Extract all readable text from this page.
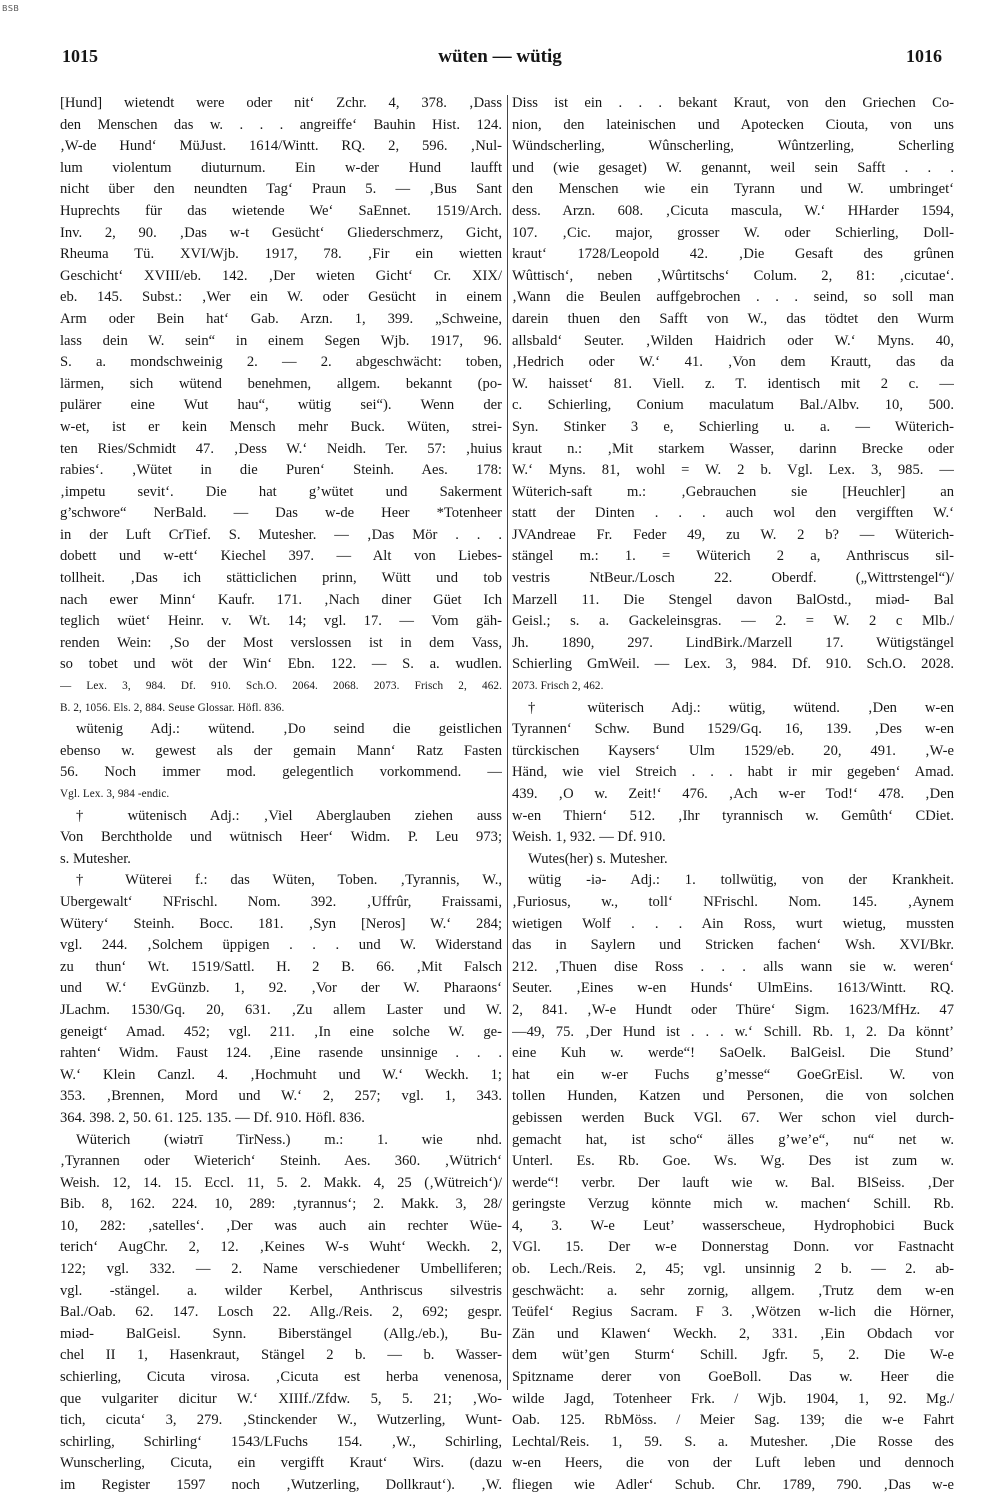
BSB
1015	wüten — wütig	1016
[Hund] wietendt were oder nit‘ Zchr. 4, 378. ‚Dass
den Menschen das w. . . . angreiffe‘ Bauhin Hist. 124.
‚W-de Hund‘ MüJust. 1614/Wintt. RQ. 2, 596. ‚Nul-
lum violentum diuturnum. Ein w-der Hund laufft
nicht über den neundten Tag‘ Praun 5. — ‚Bus Sant
Huprechts für das wietende We‘ SaEnnet. 1519/Arch.
Inv. 2, 90. ‚Das w-t Gesücht‘ Gliederschmerz, Gicht,
Rheuma Tü. XVI/Wjb. 1917, 78. ‚Fir ein wietten
Geschicht‘ XVIII/eb. 142. ‚Der wieten Gicht‘ Cr. XIX/
eb. 145. Subst.: ‚Wer ein W. oder Gesücht in einem
Arm oder Bein hat‘ Gab. Arzn. 1, 399. „Schweine,
lass dein W. sein“ in einem Segen Wjb. 1917, 96.
S. a. mondschweinig 2. — 2. abgeschwächt: toben,
lärmen, sich wütend benehmen, allgem. bekannt (po-
pulärer eine Wut hau“, wütig sei“). Wenn der
w-et, ist er kein Mensch mehr Buck. Wüten, strei-
ten Ries/Schmidt 47. ‚Dess W.‘ Neidh. Ter. 57: ‚huius
rabies‘. ‚Wütet in die Puren‘ Steinh. Aes. 178:
‚impetu sevit‘. Die hat g’wütet und Sakerment
g’schwore“ NerBald. — Das w-de Heer *Totenheer
in der Luft CrTief. S. Mutesher. — ‚Das Mör . . .
dobett und w-ett‘ Kiechel 397. — Alt von Liebes-
tollheit. ‚Das ich stätticlichen prinn, Wütt und tob
nach ewer Minn‘ Kaufr. 171. ‚Nach diner Güet Ich
teglich wüet‘ Heinr. v. Wt. 14; vgl. 17. — Vom gäh-
renden Wein: ‚So der Most verslossen ist in dem Vass,
so tobet und wöt der Win‘ Ebn. 122. — S. a. wudlen.
— Lex. 3, 984. Df. 910. Sch.O. 2064. 2068. 2073. Frisch 2, 462.
B. 2, 1056. Els. 2, 884. Seuse Glossar. Höfl. 836.
wütenig Adj.: wütend. ‚Do seind die geistlichen
ebenso w. gewest als der gemain Mann‘ Ratz Fasten
56. Noch immer mod. gelegentlich vorkommend. —
Vgl. Lex. 3, 984 -endic.
† wütenisch Adj.: ‚Viel Aberglauben ziehen auss
Von Berchtholde und wütnisch Heer‘ Widm. P. Leu 973;
s. Mutesher.
† Wüterei f.: das Wüten, Toben. ‚Tyrannis, W.,
Ubergewalt‘ NFrischl. Nom. 392. ‚Uffrûr, Fraissami,
Wütery‘ Steinh. Bocc. 181. ‚Syn [Neros] W.‘ 284;
vgl. 244. ‚Solchem üppigen . . . und W. Widerstand
zu thun‘ Wt. 1519/Sattl. H. 2 B. 66. ‚Mit Falsch
und W.‘ EvGünzb. 1, 92. ‚Vor der W. Pharaons‘
JLachm. 1530/Gq. 20, 631. ‚Zu allem Laster und W.
geneigt‘ Amad. 452; vgl. 211. ‚In eine solche W. ge-
rahten‘ Widm. Faust 124. ‚Eine rasende unsinnige . . .
W.‘ Klein Canzl. 4. ‚Hochmuht und W.‘ Weckh. 1;
353. ‚Brennen, Mord und W.‘ 2, 257; vgl. 1, 343.
364. 398. 2, 50. 61. 125. 135. — Df. 910. Höfl. 836.
Wüterich (wiətrī TirNess.) m.: 1. wie nhd.
‚Tyrannen oder Wieterich‘ Steinh. Aes. 360. ‚Wütrich‘
Weish. 12, 14. 15. Eccl. 11, 5. 2. Makk. 4, 25 (‚Wütreich‘)/
Bib. 8, 162. 224. 10, 289: ‚tyrannus‘; 2. Makk. 3, 28/
10, 282: ‚satelles‘. ‚Der was auch ain rechter Wüe-
terich‘ AugChr. 2, 12. ‚Keines W-s Wuht‘ Weckh. 2,
122; vgl. 332. — 2. Name verschiedener Umbelliferen;
vgl. -stängel. a. wilder Kerbel, Anthriscus silvestris
Bal./Oab. 62. 147. Losch 22. Allg./Reis. 2, 692; gespr.
miəd- BalGeisl. Synn. Biberstängel (Allg./eb.), Bu-
chel II 1, Hasenkraut, Stängel 2 b. — b. Wasser-
schierling, Cicuta virosa. ‚Cicuta est herba venenosa,
que vulgariter dicitur W.‘ XIIIf./Zfdw. 5, 5. 21; ‚Wo-
tich, cicuta‘ 3, 279. ‚Stinckender W., Wutzerling, Wunt-
schirling, Schirling‘ 1543/LFuchs 154. ‚W., Schirling,
Wunscherling, Cicuta, ein vergifft Kraut‘ Wirs. (dazu
im Register 1597 noch ‚Wutzerling, Dollkraut‘). ‚W.
Diss ist ein . . . bekant Kraut, von den Griechen Co-
nion, den lateinischen und Apotecken Ciouta, von uns
Wündscherling, Wûnscherling, Wûntzerling, Scherling
und (wie gesaget) W. genannt, weil sein Safft . . .
den Menschen wie ein Tyrann und W. umbringet‘
dess. Arzn. 608. ‚Cicuta mascula, W.‘ HHarder 1594,
107. ‚Cic. major, grosser W. oder Schierling, Doll-
kraut‘ 1728/Leopold 42. ‚Die Gesaft des grûnen
Wûttisch‘, neben ‚Wûrtitschs‘ Colum. 2, 81: ‚cicutae‘.
‚Wann die Beulen auffgebrochen . . . seind, so soll man
darein thuen den Safft von W., das tödtet den Wurm
allsbald‘ Seuter. ‚Wilden Haidrich oder W.‘ Myns. 40,
‚Hedrich oder W.‘ 41. ‚Von dem Krautt, das da
W. haisset‘ 81. Viell. z. T. identisch mit 2 c. —
c. Schierling, Conium maculatum Bal./Albv. 10, 500.
Syn. Stinker 3 e, Schierling u. a. — Wüterich-
kraut n.: ‚Mit starkem Wasser, darinn Brecke oder
W.‘ Myns. 81, wohl = W. 2 b. Vgl. Lex. 3, 985. —
Wüterich-saft m.: ‚Gebrauchen sie [Heuchler] an
statt der Dinten . . . auch wol den vergifften W.‘
JVAndreae Fr. Feder 49, zu W. 2 b? — Wüterich-
stängel m.: 1. = Wüterich 2 a, Anthriscus sil-
vestris NtBeur./Losch 22. Oberdf. („Wittrstengel“)/
Marzell 11. Die Stengel davon BalOstd., miəd- Bal
Geisl.; s. a. Gackeleinsgras. — 2. = W. 2 c Mlb./
Jh. 1890, 297. LindBirk./Marzell 17. Wütigstängel
Schierling GmWeil. — Lex. 3, 984. Df. 910. Sch.O. 2028.
2073. Frisch 2, 462.
† wüterisch Adj.: wütig, wütend. ‚Den w-en
Tyrannen‘ Schw. Bund 1529/Gq. 16, 139. ‚Des w-en
türckischen Kaysers‘ Ulm 1529/eb. 20, 491. ‚W-e
Händ, wie viel Streich . . . habt ir mir gegeben‘ Amad.
439. ‚O w. Zeit!‘ 476. ‚Ach w-er Tod!‘ 478. ‚Den
w-en Thiern‘ 512. ‚Ihr tyrannisch w. Gemûth‘ CDiet.
Weish. 1, 932. — Df. 910.
Wutes(her) s. Mutesher.
wütig -iə- Adj.: 1. tollwütig, von der Krankheit.
‚Furiosus, w., toll‘ NFrischl. Nom. 145. ‚Aynem
wietigen Wolf . . . Ain Ross, wurt wietug, mussten
das in Saylern und Stricken fachen‘ Wsh. XVI/Bkr.
212. ‚Thuen dise Ross . . . alls wann sie w. weren‘
Seuter. ‚Eines w-en Hunds‘ UlmEins. 1613/Wintt. RQ.
2, 841. ‚W-e Hundt oder Thüre‘ Sigm. 1623/MfHz. 47
—49, 75. ‚Der Hund ist . . . w.‘ Schill. Rb. 1, 2. Da könnt’
eine Kuh w. werde“! SaOelk. BalGeisl. Die Stund’
hat ein w-er Fuchs g’messe“ GoeGrEisl. W. von
tollen Hunden, Katzen und Personen, die von solchen
gebissen werden Buck VGl. 67. Wer schon viel durch-
gemacht hat, ist scho“ älles g’we’e“, nu“ net w.
Unterl. Es. Rb. Goe. Ws. Wg. Des ist zum w.
werde“! verbr. Der lauft wie w. Bal. BlSeiss. ‚Der
geringste Verzug könnte mich w. machen‘ Schill. Rb.
4, 3. W-e Leut’ wasserscheue, Hydrophobici Buck
VGl. 15. Der w-e Donnerstag Donn. vor Fastnacht
ob. Lech./Reis. 2, 45; vgl. unsinnig 2 b. — 2. ab-
geschwächt: a. sehr zornig, allgem. ‚Trutz dem w-en
Teüfel‘ Regius Sacram. F 3. ‚Wötzen w-lich die Hörner,
Zän und Klawen‘ Weckh. 2, 331. ‚Ein Obdach vor
dem wüt’gen Sturm‘ Schill. Jgfr. 5, 2. Die W-e
Spitzname derer von GoeBoll. Das w. Heer die
wilde Jagd, Totenheer Frk. / Wjb. 1904, 1, 92. Mg./
Oab. 125. RbMöss. / Meier Sag. 139; die w-e Fahrt
Lechtal/Reis. 1, 59. S. a. Mutesher. ‚Die Rosse des
w-en Heers, die von der Luft leben und dennoch
fliegen wie Adler‘ Schub. Chr. 1789, 790. ‚Das w-e
